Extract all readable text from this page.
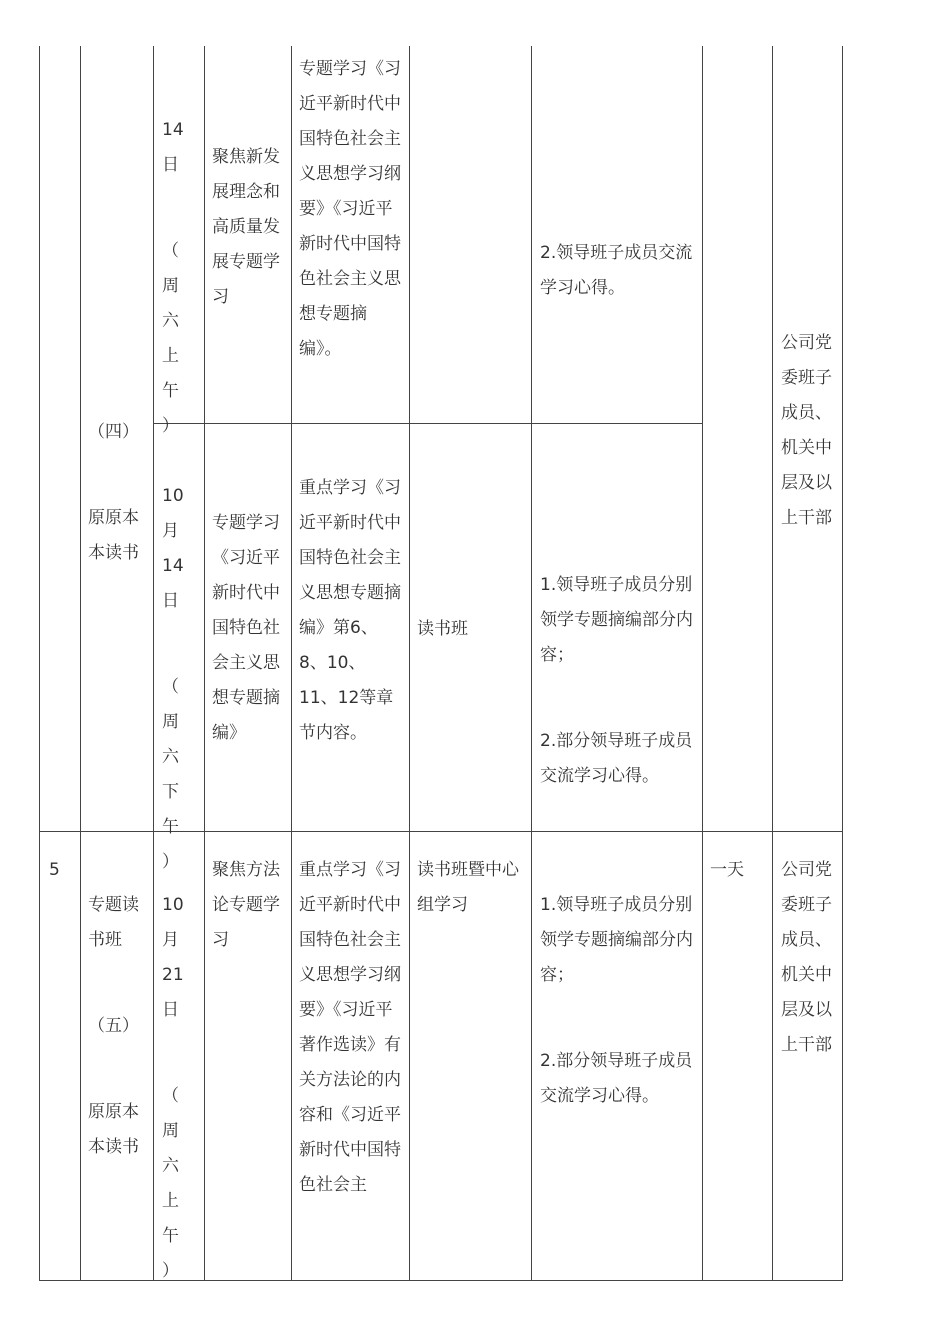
（四）

原原本本读书

公司党委班子成员、机关中层及以上干部

14
日

（
周
六
上
午
）

聚焦新发展理念和高质量发展专题学习
专题学习《习近平新时代中国特色社会主义思想学习纲要》《习近平新时代中国特色社会主义思想专题摘编》。

2.领导班子成员交流学习心得。

10
月
14
日

（
周
六
下
午
）

专题学习《习近平新时代中国特色社会主义思想专题摘编》
重点学习《习近平新时代中国特色社会主义思想专题摘编》第6、8、10、11、12等章节内容。
读书班

1.领导班子成员分别领学专题摘编部分内容；

2.部分领导班子成员交流学习心得。

5

专题读书班

（五）

原原本本读书

10
月
21
日

（
周
六
上
午
）

聚焦方法论专题学习
重点学习《习近平新时代中国特色社会主义思想学习纲要》《习近平著作选读》有关方法论的内容和《习近平新时代中国特色社会主
读书班暨中心组学习	1.领导班子成员分别领学专题摘编部分内容；

2.部分领导班子成员交流学习心得。

一天	公司党委班子成员、机关中层及以上干部
